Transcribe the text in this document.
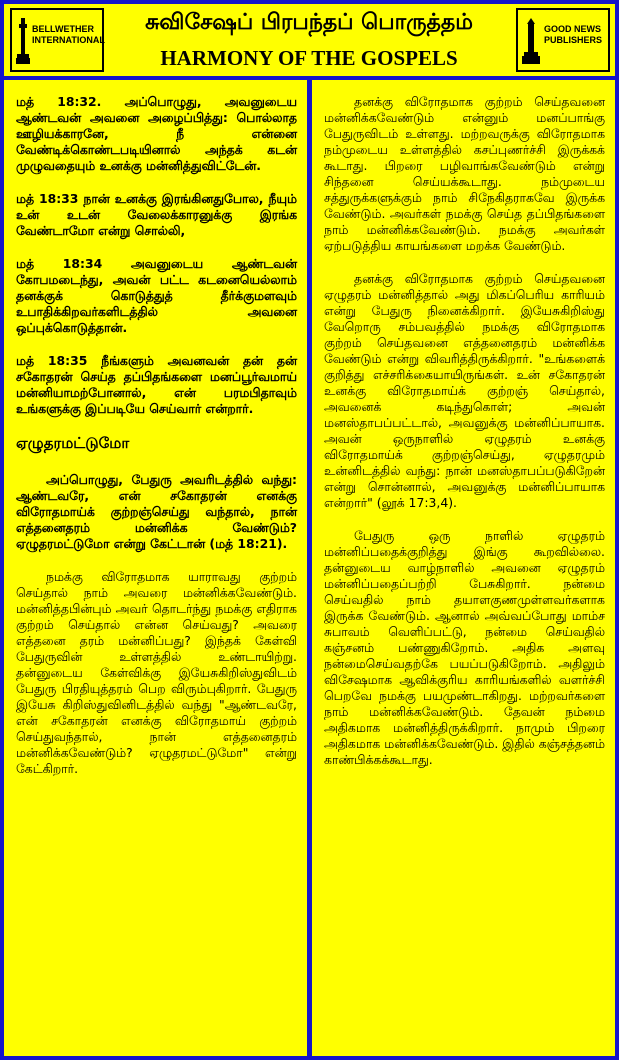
BELLWETHER
INTERNATIONAL
சுவிசேஷப் பிரபந்தப் பொருத்தம்
HARMONY OF THE GOSPELS
GOOD NEWS
PUBLISHERS

மத் 18:32. அப்பொழுது, அவனுடைய ஆண்டவன் அவனை அழைப்பித்து: பொல்லாத ஊழியக்காரனே, நீ என்னை வேண்டிக்கொண்டபடியினால் அந்தக் கடன் முழுவதையும் உனக்கு மன்னித்துவிட்டேன்.

மத் 18:33 நான் உனக்கு இரங்கினதுபோல, நீயும் உன் உடன் வேலைக்காரனுக்கு இரங்க வேண்டாமோ என்று சொல்லி,

மத் 18:34 அவனுடைய ஆண்டவன் கோபமடைந்து, அவன் பட்ட கடனையெல்லாம் தனக்குக் கொடுத்துத் தீர்க்குமளவும் உபாதிக்கிறவர்களிடத்தில் அவனை ஒப்புக்கொடுத்தான்.

மத் 18:35 நீங்களும் அவனவன் தன் தன் சகோதரன் செய்த தப்பிதங்களை மனப்பூர்வமாய் மன்னியாமற்போனால், என் பரமபிதாவும் உங்களுக்கு இப்படியே செய்வார் என்றார்.

ஏழுதரமட்டுமோ

அப்பொழுது, பேதுரு அவரிடத்தில் வந்து: ஆண்டவரே, என் சகோதரன் எனக்கு விரோதமாய்க் குற்றஞ்செய்து வந்தால், நான் எத்தனைதரம் மன்னிக்க வேண்டும்? ஏழுதரமட்டுமோ என்று கேட்டான் (மத் 18:21).

நமக்கு விரோதமாக யாராவது குற்றம் செய்தால் நாம் அவரை மன்னிக்கவேண்டும். மன்னித்தபின்பும் அவர் தொடர்ந்து நமக்கு எதிராக குற்றம் செய்தால் என்ன செய்வது? அவரை எத்தனை தரம் மன்னிப்பது? இந்தக் கேள்வி பேதுருவின் உள்ளத்தில் உண்டாயிற்று. தன்னுடைய கேள்விக்கு இயேசுகிறிஸ்துவிடம் பேதுரு பிரதியுத்தரம் பெற விரும்புகிறார். பேதுரு இயேசு கிறிஸ்துவினிடத்தில் வந்து "ஆண்டவரே, என் சகோதரன் எனக்கு விரோதமாய் குற்றம் செய்துவந்தால், நான் எத்தனைதரம் மன்னிக்கவேண்டும்? ஏழுதரமட்டுமோ" என்று கேட்கிறார்.

தனக்கு விரோதமாக குற்றம் செய்தவனை மன்னிக்கவேண்டும் என்னும் மனப்பாங்கு பேதுருவிடம் உள்ளது. மற்றவருக்கு விரோதமாக நம்முடைய உள்ளத்தில் கசப்புணர்ச்சி இருக்கக் கூடாது. பிறரை பழிவாங்கவேண்டும் என்று சிந்தனை செய்யக்கூடாது. நம்முடைய சத்துருக்களுக்கும் நாம் சிநேகிதராகவே இருக்க வேண்டும். அவர்கள் நமக்கு செய்த தப்பிதங்களை நாம் மன்னிக்கவேண்டும். நமக்கு அவர்கள் ஏற்படுத்திய காயங்களை மறக்க வேண்டும்.

தனக்கு விரோதமாக குற்றம் செய்தவனை ஏழுதரம் மன்னித்தால் அது மிகப்பெரிய காரியம் என்று பேதுரு நினைக்கிறார். இயேசுகிறிஸ்து வேறொரு சம்பவத்தில் நமக்கு விரோதமாக குற்றம் செய்தவனை எத்தனைதரம் மன்னிக்க வேண்டும் என்று விவரித்திருக்கிறார். "உங்களைக் குறித்து எச்சரிக்கையாயிருங்கள். உன் சகோதரன் உனக்கு விரோதமாய்க் குற்றஞ் செய்தால், அவனைக் கடிந்துகொள்; அவன் மனஸ்தாபப்பட்டால், அவனுக்கு மன்னிப்பாயாக. அவன் ஒருநாளில் ஏழுதரம் உனக்கு விரோதமாய்க் குற்றஞ்செய்து, ஏழுதரமும் உன்னிடத்தில் வந்து: நான் மனஸ்தாபப்படுகிறேன் என்று சொன்னால், அவனுக்கு மன்னிப்பாயாக என்றார்" (லூக் 17:3,4).

பேதுரு ஒரு நாளில் ஏழுதரம் மன்னிப்பதைக்குறித்து இங்கு கூறவில்லை. தன்னுடைய வாழ்நாளில் அவனை ஏழுதரம் மன்னிப்பதைப்பற்றி பேசுகிறார். நன்மை செய்வதில் நாம் தயாளகுணமுள்ளவர்களாக இருக்க வேண்டும். ஆனால் அவ்வப்போது மாம்ச சுபாவம் வெளிப்பட்டு, நன்மை செய்வதில் கஞ்சனம் பண்ணுகிறோம். அதிக அளவு நன்மைசெய்வதற்கே பயப்படுகிறோம். அதிலும் விசேஷமாக ஆவிக்குரிய காரியங்களில் வளர்ச்சி பெறவே நமக்கு பயமுண்டாகிறது. மற்றவர்களை நாம் மன்னிக்கவேண்டும். தேவன் நம்மை அதிகமாக மன்னித்திருக்கிறார். நாமும் பிறரை அதிகமாக மன்னிக்கவேண்டும். இதில் கஞ்சத்தனம் காண்பிக்கக்கூடாது.
